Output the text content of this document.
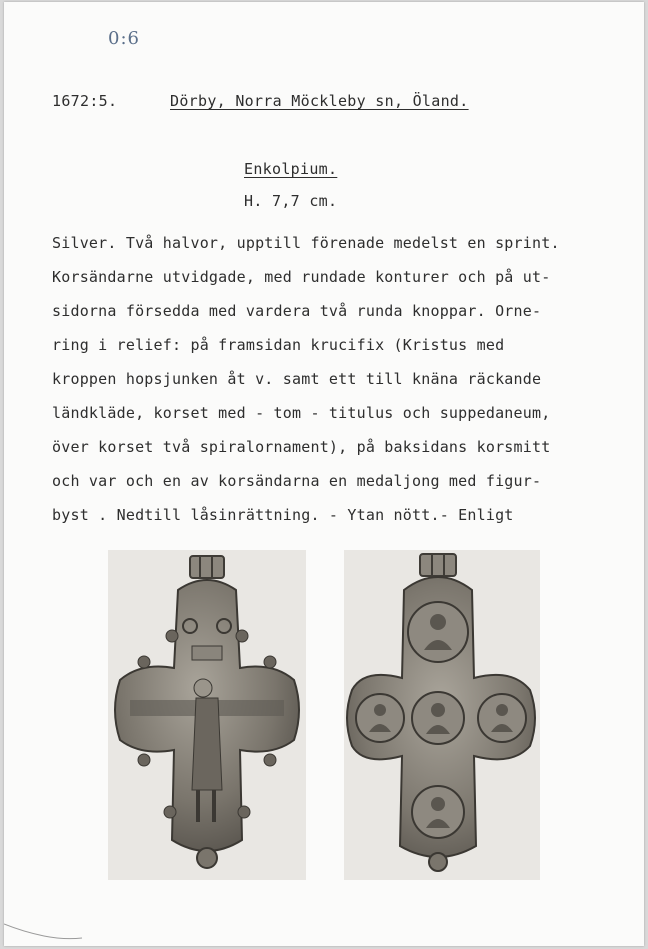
0:6
1672:5.	Dörby, Norra Möckleby sn, Öland.
Enkolpium.
H. 7,7 cm.
Silver. Två halvor, upptill förenade medelst en sprint.
Korsändarne utvidgade, med rundade konturer och på ut-
sidorna försedda med vardera två runda knoppar. Orne-
ring i relief: på framsidan krucifix (Kristus med
kroppen hopsjunken åt v. samt ett till knäna räckande
ländkläde, korset med - tom - titulus och suppedaneum,
över korset två spiralornament), på baksidans korsmitt
och var och en av korsändarna en medaljong med figur-
byst . Nedtill låsinrättning. - Ytan nött.- Enligt
